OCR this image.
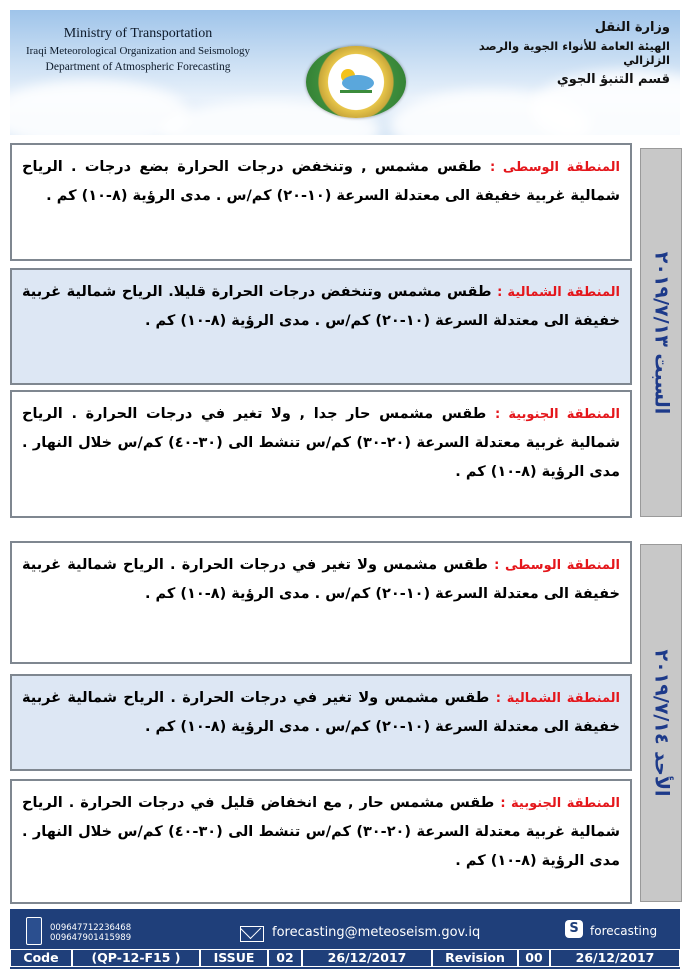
Ministry of Transportation
Iraqi Meteorological Organization and Seismology
Department of Atmospheric Forecasting
وزارة النقل
الهيئة العامة للأنواء الجوية والرصد الزلزالي
قسم التنبؤ الجوي
السبت ٢٠١٩/٧/١٣

المنطقة الوسطى : طقس مشمس , وتنخفض درجات الحرارة بضع درجات . الرياح شمالية غربية خفيفة الى معتدلة السرعة (١٠-٢٠) كم/س . مدى الرؤية (٨-١٠) كم .

المنطقة الشمالية : طقس مشمس وتنخفض درجات الحرارة قليلا. الرياح شمالية غربية خفيفة الى معتدلة السرعة (١٠-٢٠) كم/س . مدى الرؤية (٨-١٠) كم .

المنطقة الجنوبية : طقس مشمس حار جدا , ولا تغير في درجات الحرارة . الرياح شمالية غربية معتدلة السرعة (٢٠-٣٠) كم/س تنشط الى (٣٠-٤٠) كم/س خلال النهار . مدى الرؤية (٨-١٠) كم .

الأحد ٢٠١٩/٧/١٤

المنطقة الوسطى : طقس مشمس ولا تغير في درجات الحرارة . الرياح شمالية غربية خفيفة الى معتدلة السرعة (١٠-٢٠) كم/س . مدى الرؤية (٨-١٠) كم .

المنطقة الشمالية : طقس مشمس ولا تغير في درجات الحرارة . الرياح شمالية غربية خفيفة الى معتدلة السرعة (١٠-٢٠) كم/س . مدى الرؤية (٨-١٠) كم .

المنطقة الجنوبية : طقس مشمس حار , مع انخفاض قليل في درجات الحرارة . الرياح شمالية غربية معتدلة السرعة (٢٠-٣٠) كم/س تنشط الى (٣٠-٤٠) كم/س خلال النهار . مدى الرؤية (٨-١٠) كم .

009647712236468
009647901415989	forecasting@meteoseism.gov.iq	S forecasting
Code	(QP-12-F15 )	ISSUE	02	26/12/2017	Revision	00	26/12/2017
